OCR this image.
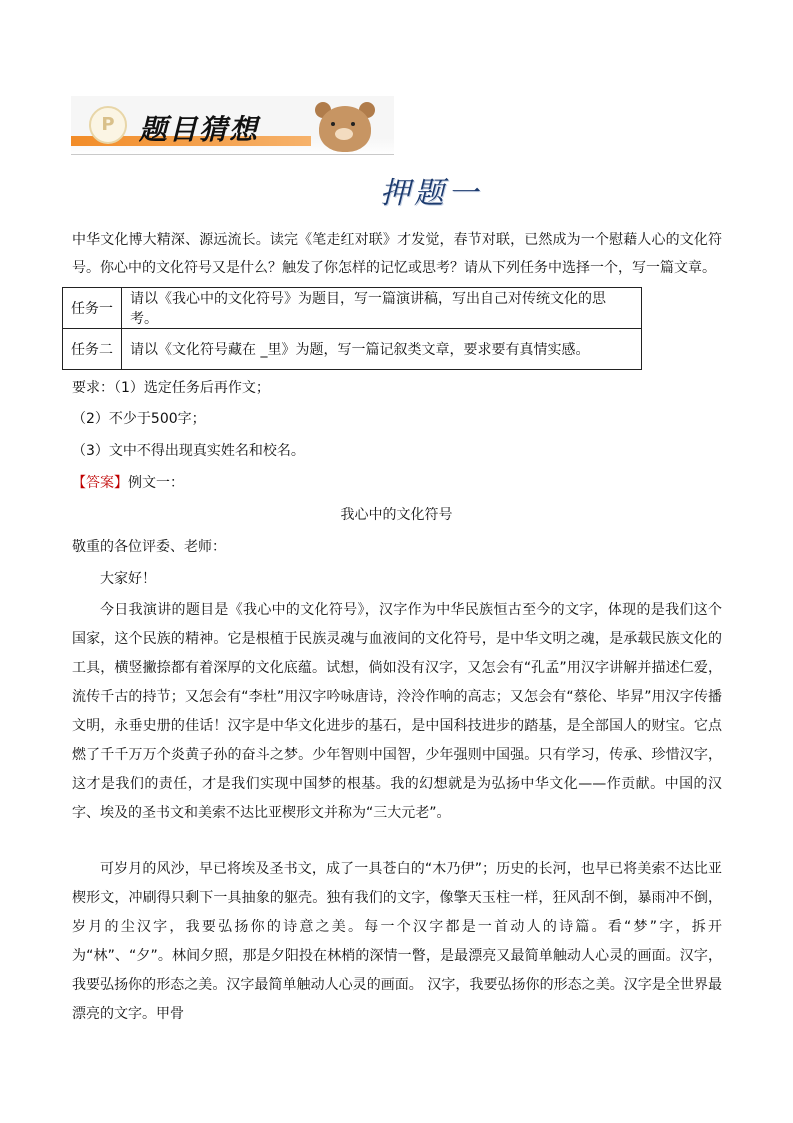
P 题目猜想
押题一

中华文化博大精深、源远流长。读完《笔走红对联》才发觉，春节对联，已然成为一个慰藉人心的文化符号。你心中的文化符号又是什么？触发了你怎样的记忆或思考？请从下列任务中选择一个，写一篇文章。

任务一	请以《我心中的文化符号》为题目，写一篇演讲稿，写出自己对传统文化的思考。
任务二	请以《文化符号藏在 _里》为题，写一篇记叙类文章，要求要有真情实感。

要求：（1）选定任务后再作文；

（2）不少于500字；

（3）文中不得出现真实姓名和校名。

【答案】例文一：

我心中的文化符号

敬重的各位评委、老师：

大家好！

今日我演讲的题目是《我心中的文化符号》，汉字作为中华民族恒古至今的文字，体现的是我们这个国家，这个民族的精神。它是根植于民族灵魂与血液间的文化符号，是中华文明之魂，是承载民族文化的工具，横竖撇捺都有着深厚的文化底蕴。试想，倘如没有汉字，又怎会有“孔孟”用汉字讲解并描述仁爱，流传千古的持节；又怎会有“李杜”用汉字吟咏唐诗，泠泠作响的高志；又怎会有“蔡伦、毕昇”用汉字传播文明，永垂史册的佳话！汉字是中华文化进步的基石，是中国科技进步的踏基，是全部国人的财宝。它点燃了千千万万个炎黄子孙的奋斗之梦。少年智则中国智，少年强则中国强。只有学习，传承、珍惜汉字，这才是我们的责任，才是我们实现中国梦的根基。我的幻想就是为弘扬中华文化——作贡献。中国的汉字、埃及的圣书文和美索不达比亚楔形文并称为“三大元老”。

可岁月的风沙，早已将埃及圣书文，成了一具苍白的“木乃伊”；历史的长河，也早已将美索不达比亚楔形文，冲刷得只剩下一具抽象的躯壳。独有我们的文字，像擎天玉柱一样，狂风刮不倒，暴雨冲不倒，岁月的尘汉字，我要弘扬你的诗意之美。每一个汉字都是一首动人的诗篇。看“梦”字，拆开为“林”、“夕”。林间夕照，那是夕阳投在林梢的深情一瞥，是最漂亮又最简单触动人心灵的画面。汉字，我要弘扬你的形态之美。汉字最简单触动人心灵的画面。 汉字，我要弘扬你的形态之美。汉字是全世界最漂亮的文字。甲骨
